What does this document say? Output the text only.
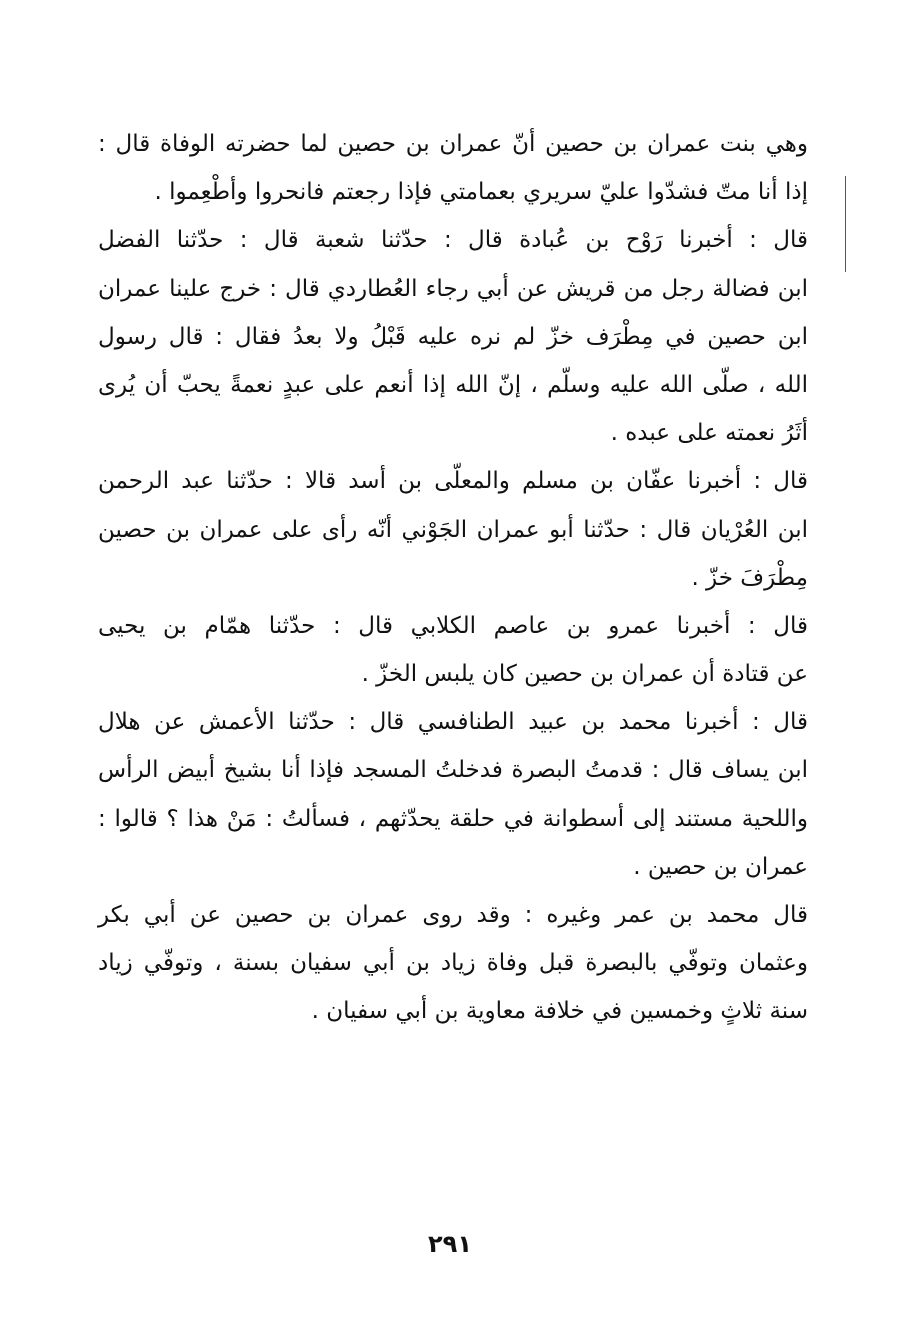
وهي بنت عمران بن حصين أنّ عمران بن حصين لما حضرته الوفاة قال :
إذا أنا متّ فشدّوا عليّ سريري بعمامتي فإذا رجعتم فانحروا وأطْعِموا .
قال : أخبرنا رَوْح بن عُبادة قال : حدّثنا شعبة قال : حدّثنا الفضل
ابن فضالة رجل من قريش عن أبي رجاء العُطاردي قال : خرج علينا عمران
ابن حصين في مِطْرَف خزّ لم نره عليه قَبْلُ ولا بعدُ فقال : قال رسول
الله ، صلّى الله عليه وسلّم ، إنّ الله إذا أنعم على عبدٍ نعمةً يحبّ أن يُرى
أثَرُ نعمته على عبده .
قال : أخبرنا عفّان بن مسلم والمعلّى بن أسد قالا : حدّثنا عبد الرحمن
ابن العُرْيان قال : حدّثنا أبو عمران الجَوْني أنّه رأى على عمران بن حصين
مِطْرَفَ خزّ .
قال : أخبرنا عمرو بن عاصم الكلابي قال : حدّثنا همّام بن يحيى
عن قتادة أن عمران بن حصين كان يلبس الخزّ .
قال : أخبرنا محمد بن عبيد الطنافسي قال : حدّثنا الأعمش عن هلال
ابن يساف قال : قدمتُ البصرة فدخلتُ المسجد فإذا أنا بشيخ أبيض الرأس
واللحية مستند إلى أسطوانة في حلقة يحدّثهم ، فسألتُ : مَنْ هذا ؟ قالوا :
عمران بن حصين .
قال محمد بن عمر وغيره : وقد روى عمران بن حصين عن أبي بكر
وعثمان وتوفّي بالبصرة قبل وفاة زياد بن أبي سفيان بسنة ، وتوفّي زياد
سنة ثلاثٍ وخمسين في خلافة معاوية بن أبي سفيان .
٢٩١
